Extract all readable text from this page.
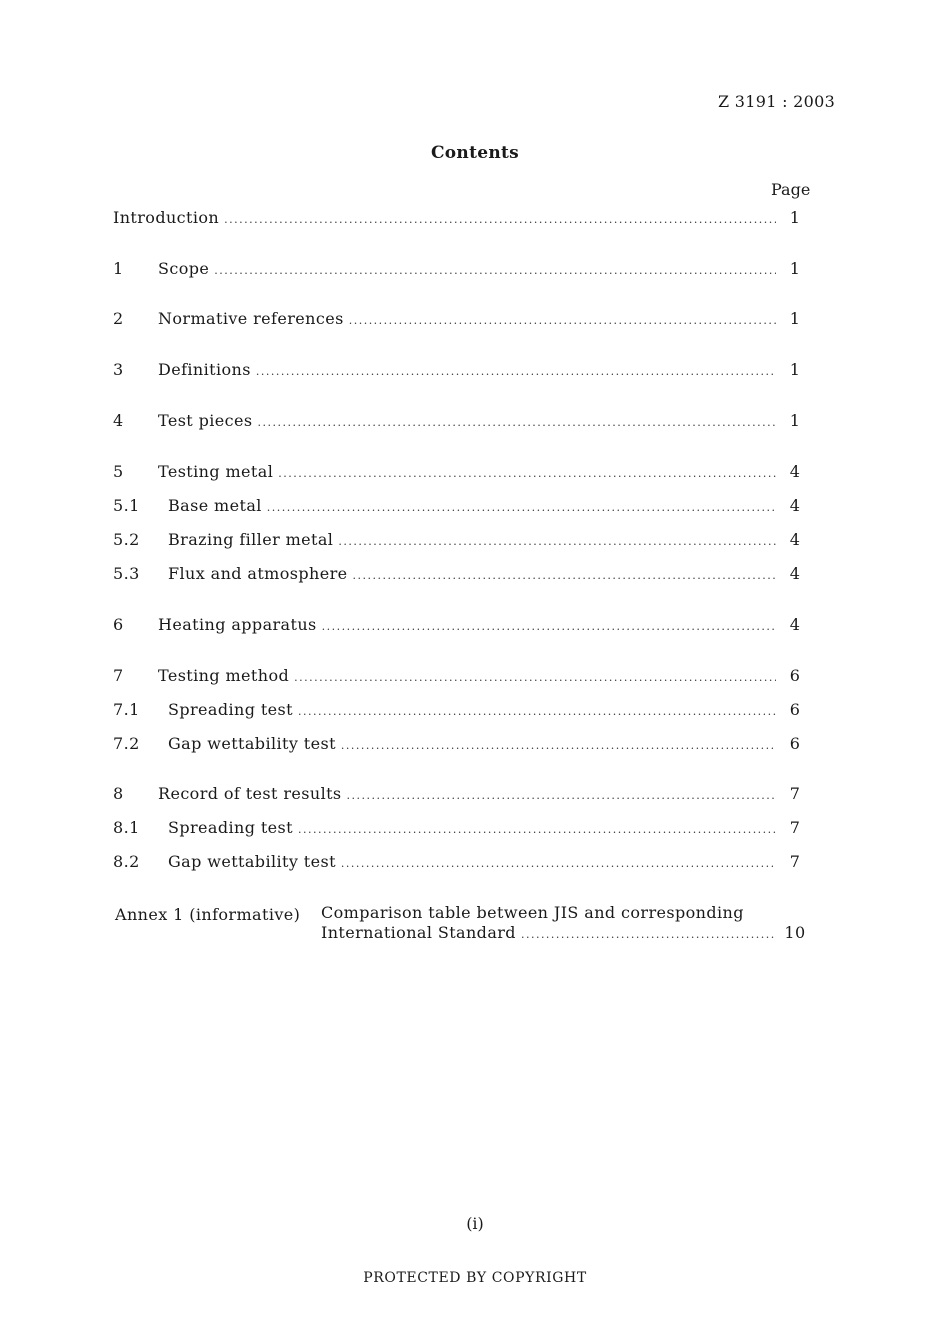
Z 3191 : 2003
Contents
Page
Introduction .....	1
1	Scope .....	1
2	Normative references .....	1
3	Definitions .....	1
4	Test pieces .....	1
5	Testing metal .....	4
5.1	Base metal .....	4
5.2	Brazing filler metal .....	4
5.3	Flux and atmosphere .....	4
6	Heating apparatus .....	4
7	Testing method .....	6
7.1	Spreading test .....	6
7.2	Gap wettability test .....	6
8	Record of test results .....	7
8.1	Spreading test .....	7
8.2	Gap wettability test .....	7
Annex 1 (informative) Comparison table between JIS and corresponding
International Standard .....	10
(i)
PROTECTED BY COPYRIGHT
